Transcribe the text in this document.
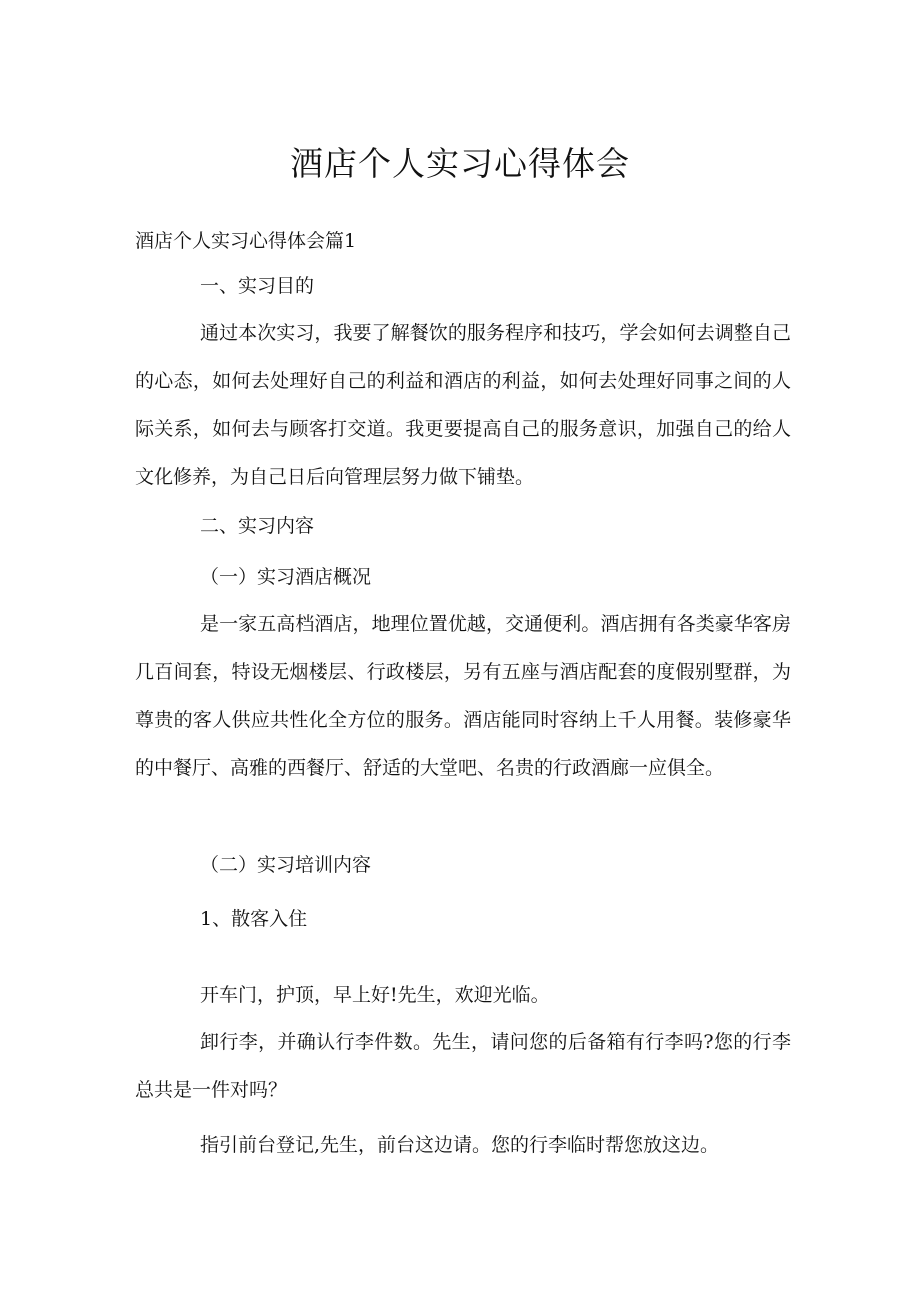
酒店个人实习心得体会

酒店个人实习心得体会篇1

一、实习目的

通过本次实习，我要了解餐饮的服务程序和技巧，学会如何去调整自己的心态，如何去处理好自己的利益和酒店的利益，如何去处理好同事之间的人际关系，如何去与顾客打交道。我更要提高自己的服务意识，加强自己的给人文化修养，为自己日后向管理层努力做下铺垫。

二、实习内容

（一）实习酒店概况

是一家五高档酒店，地理位置优越，交通便利。酒店拥有各类豪华客房几百间套，特设无烟楼层、行政楼层，另有五座与酒店配套的度假别墅群，为尊贵的客人供应共性化全方位的服务。酒店能同时容纳上千人用餐。装修豪华的中餐厅、高雅的西餐厅、舒适的大堂吧、名贵的行政酒廊一应俱全。

（二）实习培训内容

1、散客入住

开车门，护顶，早上好!先生，欢迎光临。

卸行李，并确认行李件数。先生，请问您的后备箱有行李吗?您的行李总共是一件对吗？

指引前台登记,先生，前台这边请。您的行李临时帮您放这边。
